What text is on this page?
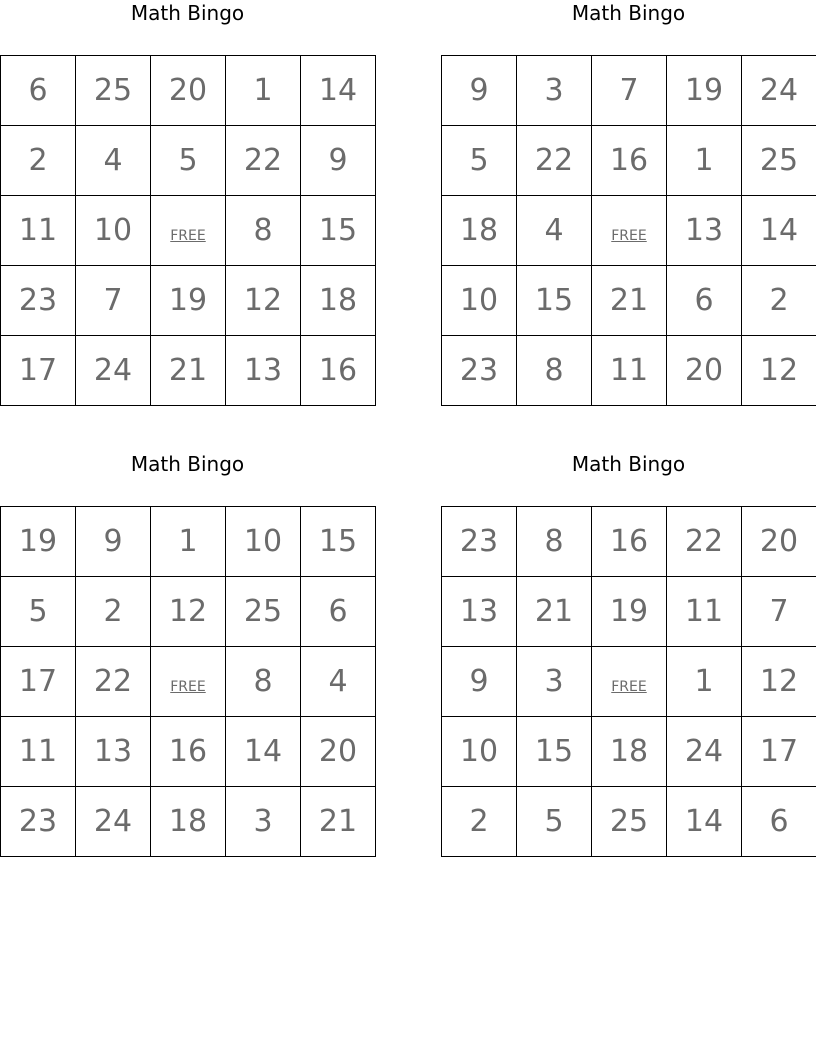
Math Bingo
6	25	20	1	14
2	4	5	22	9
11	10	FREE	8	15
23	7	19	12	18
17	24	21	13	16
Math Bingo
9	3	7	19	24
5	22	16	1	25
18	4	FREE	13	14
10	15	21	6	2
23	8	11	20	12
Math Bingo
19	9	1	10	15
5	2	12	25	6
17	22	FREE	8	4
11	13	16	14	20
23	24	18	3	21
Math Bingo
23	8	16	22	20
13	21	19	11	7
9	3	FREE	1	12
10	15	18	24	17
2	5	25	14	6
